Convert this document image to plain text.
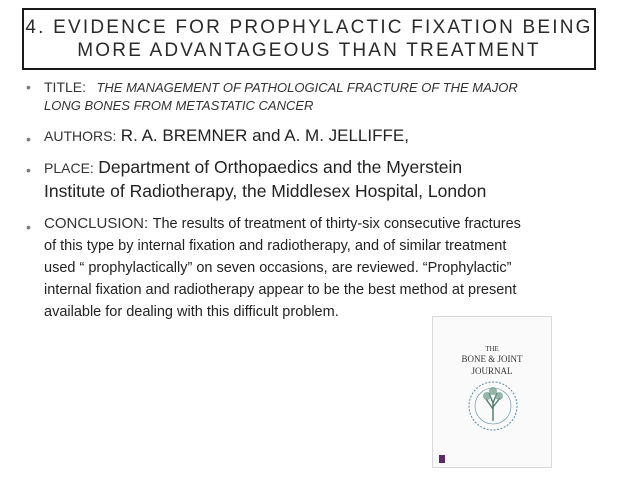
4. EVIDENCE FOR PROPHYLACTIC FIXATION BEING
MORE ADVANTAGEOUS THAN TREATMENT
• TITLE: THE MANAGEMENT OF PATHOLOGICAL FRACTURE OF THE MAJOR
LONG BONES FROM METASTATIC CANCER
• AUTHORS: R. A. BREMNER and A. M. JELLIFFE,
• PLACE: Department of Orthopaedics and the Myerstein
Institute of Radiotherapy, the Middlesex Hospital, London
• CONCLUSION: The results of treatment of thirty-six consecutive fractures
of this type by internal fixation and radiotherapy, and of similar treatment
used “ prophylactically” on seven occasions, are reviewed. “Prophylactic”
internal fixation and radiotherapy appear to be the best method at present
available for dealing with this difficult problem.
THE
BONE & JOINT
JOURNAL
